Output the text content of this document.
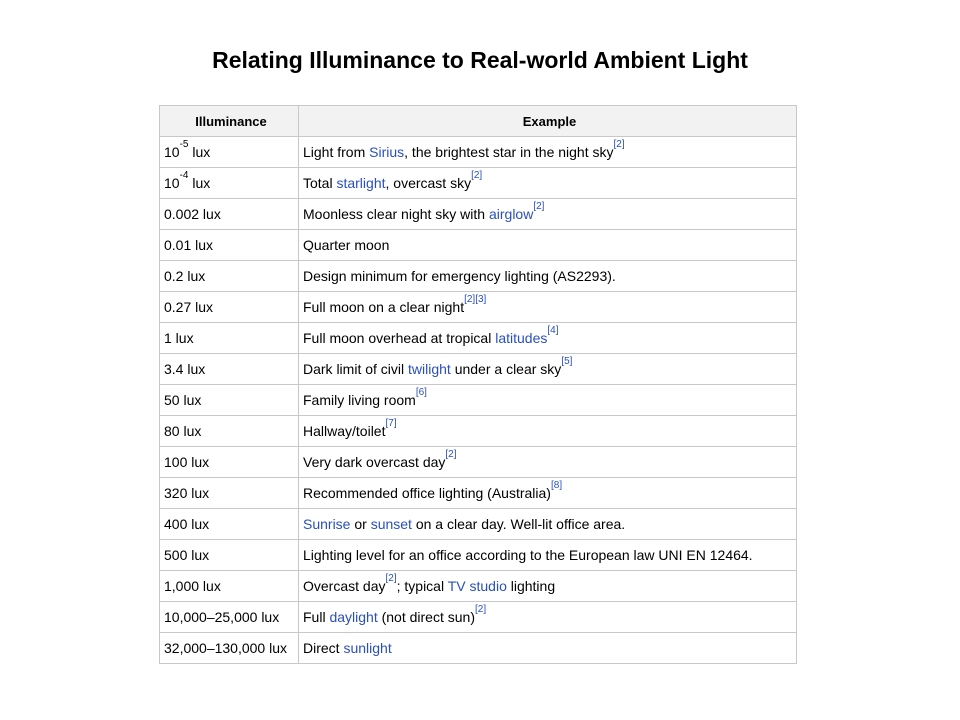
Relating Illuminance to Real-world Ambient Light
Illuminance	Example
$10^{-5}$ lux	Light from Sirius, the brightest star in the night sky[2]
$10^{-4}$ lux	Total starlight, overcast sky[2]
0.002 lux	Moonless clear night sky with airglow[2]
0.01 lux	Quarter moon
0.2 lux	Design minimum for emergency lighting (AS2293).
0.27 lux	Full moon on a clear night[2][3]
1 lux	Full moon overhead at tropical latitudes[4]
3.4 lux	Dark limit of civil twilight under a clear sky[5]
50 lux	Family living room[6]
80 lux	Hallway/toilet[7]
100 lux	Very dark overcast day[2]
320 lux	Recommended office lighting (Australia)[8]
400 lux	Sunrise or sunset on a clear day. Well-lit office area.
500 lux	Lighting level for an office according to the European law UNI EN 12464.
1,000 lux	Overcast day[2]; typical TV studio lighting
10,000–25,000 lux	Full daylight (not direct sun)[2]
32,000–130,000 lux	Direct sunlight
